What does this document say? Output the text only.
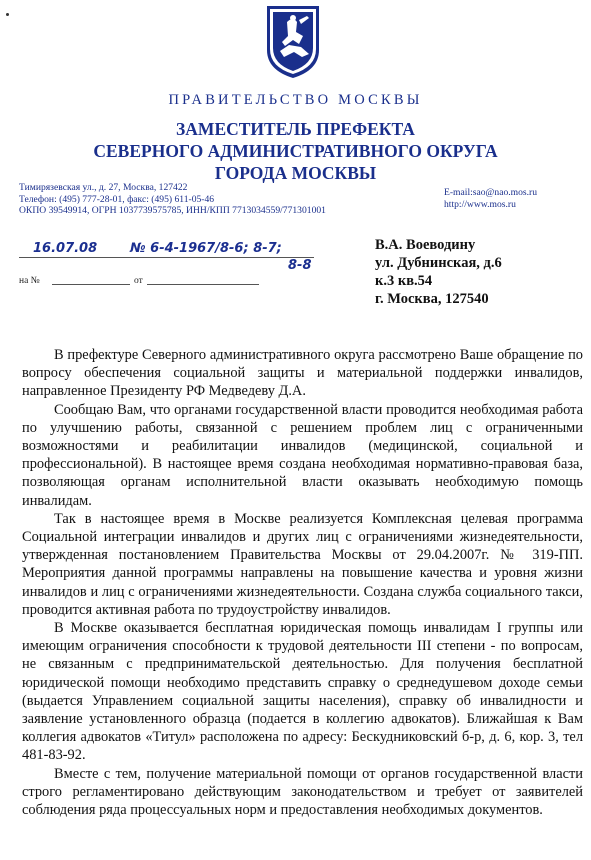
ПРАВИТЕЛЬСТВО МОСКВЫ
ЗАМЕСТИТЕЛЬ ПРЕФЕКТА
СЕВЕРНОГО АДМИНИСТРАТИВНОГО ОКРУГА
ГОРОДА МОСКВЫ
Тимирязевская ул., д. 27, Москва, 127422
Телефон: (495) 777-28-01, факс: (495) 611-05-46
ОКПО 39549914, ОГРН 1037739575785, ИНН/КПП 7713034559/771301001
E-mail:sao@nao.mos.ru
http://www.mos.ru
16.07.08	№ 6-4-1967/8-6; 8-7;
8-8
на №	от
В.А. Воеводину
ул. Дубнинская, д.6
к.3 кв.54
г. Москва, 127540

В префектуре Северного административного округа рассмотрено Ваше обращение по вопросу обеспечения социальной защиты и материальной поддержки инвалидов, направленное Президенту РФ Медведеву Д.А.

Сообщаю Вам, что органами государственной власти проводится необходимая работа по улучшению работы, связанной с решением проблем лиц с ограниченными возможностями и реабилитации инвалидов (медицинской, социальной и профессиональной). В настоящее время создана необходимая нормативно-правовая база, позволяющая органам исполнительной власти оказывать необходимую помощь инвалидам.

Так в настоящее время в Москве реализуется Комплексная целевая программа Социальной интеграции инвалидов и других лиц с ограничениями жизнедеятельности, утвержденная постановлением Правительства Москвы от 29.04.2007г. № 319-ПП. Мероприятия данной программы направлены на повышение качества и уровня жизни инвалидов и лиц с ограничениями жизнедеятельности. Создана служба социального такси, проводится активная работа по трудоустройству инвалидов.

В Москве оказывается бесплатная юридическая помощь инвалидам I группы или имеющим ограничения способности к трудовой деятельности III степени - по вопросам, не связанным с предпринимательской деятельностью. Для получения бесплатной юридической помощи необходимо представить справку о среднедушевом доходе семьи (выдается Управлением социальной защиты населения), справку об инвалидности и заявление установленного образца (подается в коллегию адвокатов). Ближайшая к Вам коллегия адвокатов «Титул» расположена по адресу: Бескудниковский б-р, д. 6, кор. 3, тел 481-83-92.

Вместе с тем, получение материальной помощи от органов государственной власти строго регламентировано действующим законодательством и требует от заявителей соблюдения ряда процессуальных норм и предоставления необходимых документов.
